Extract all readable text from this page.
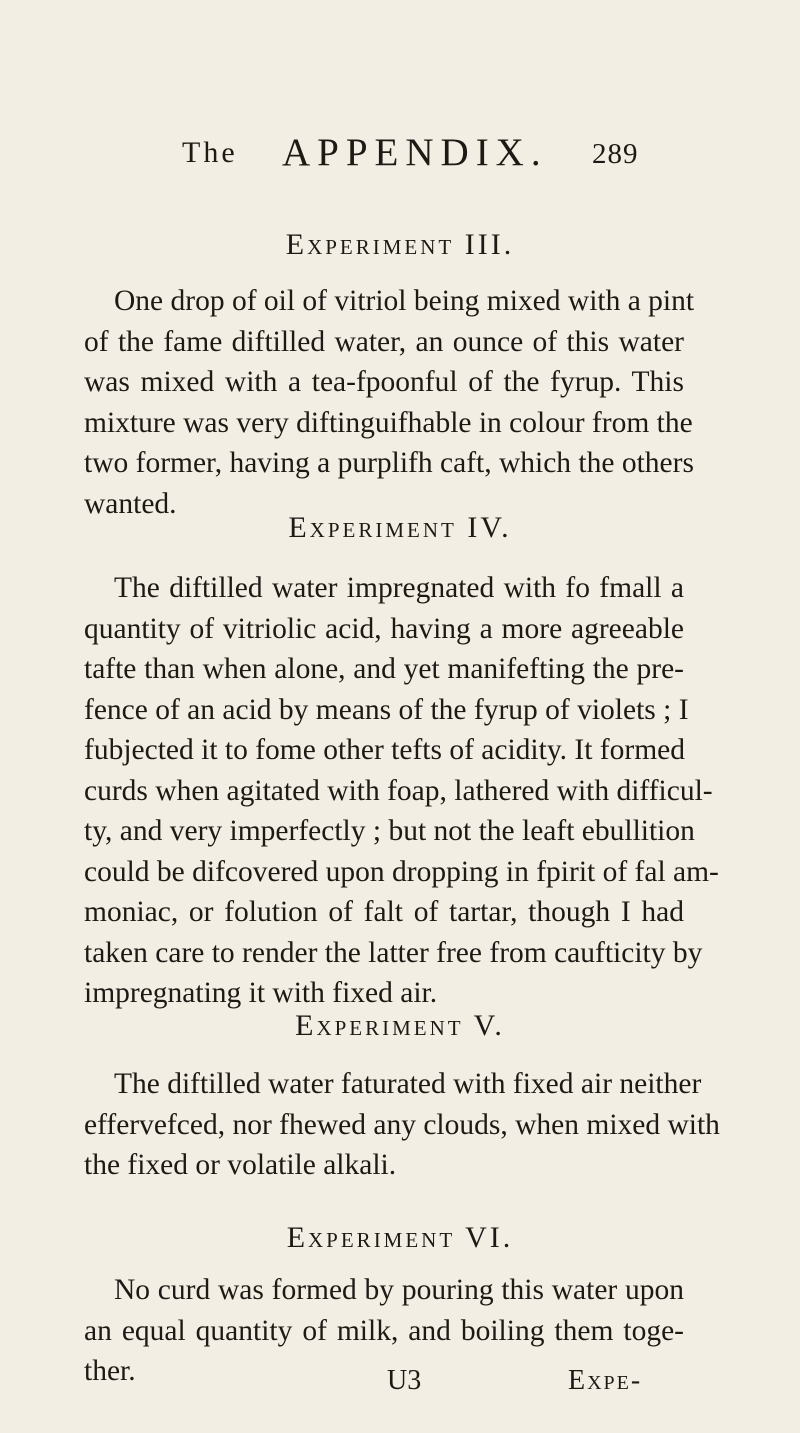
The APPENDIX. 289
Experiment III.
One drop of oil of vitriol being mixed with a pint
of the fame diftilled water, an ounce of this water
was mixed with a tea-fpoonful of the fyrup. This
mixture was very diftinguifhable in colour from the
two former, having a purplifh caft, which the others
wanted.
Experiment IV.
The diftilled water impregnated with fo fmall a
quantity of vitriolic acid, having a more agreeable
tafte than when alone, and yet manifefting the pre-
fence of an acid by means of the fyrup of violets ; I
fubjected it to fome other tefts of acidity. It formed
curds when agitated with foap, lathered with difficul-
ty, and very imperfectly ; but not the leaft ebullition
could be difcovered upon dropping in fpirit of fal am-
moniac, or folution of falt of tartar, though I had
taken care to render the latter free from caufticity by
impregnating it with fixed air.
Experiment V.
The diftilled water faturated with fixed air neither
effervefced, nor fhewed any clouds, when mixed with
the fixed or volatile alkali.
Experiment VI.
No curd was formed by pouring this water upon
an equal quantity of milk, and boiling them toge-
ther.	U3	Expe-
